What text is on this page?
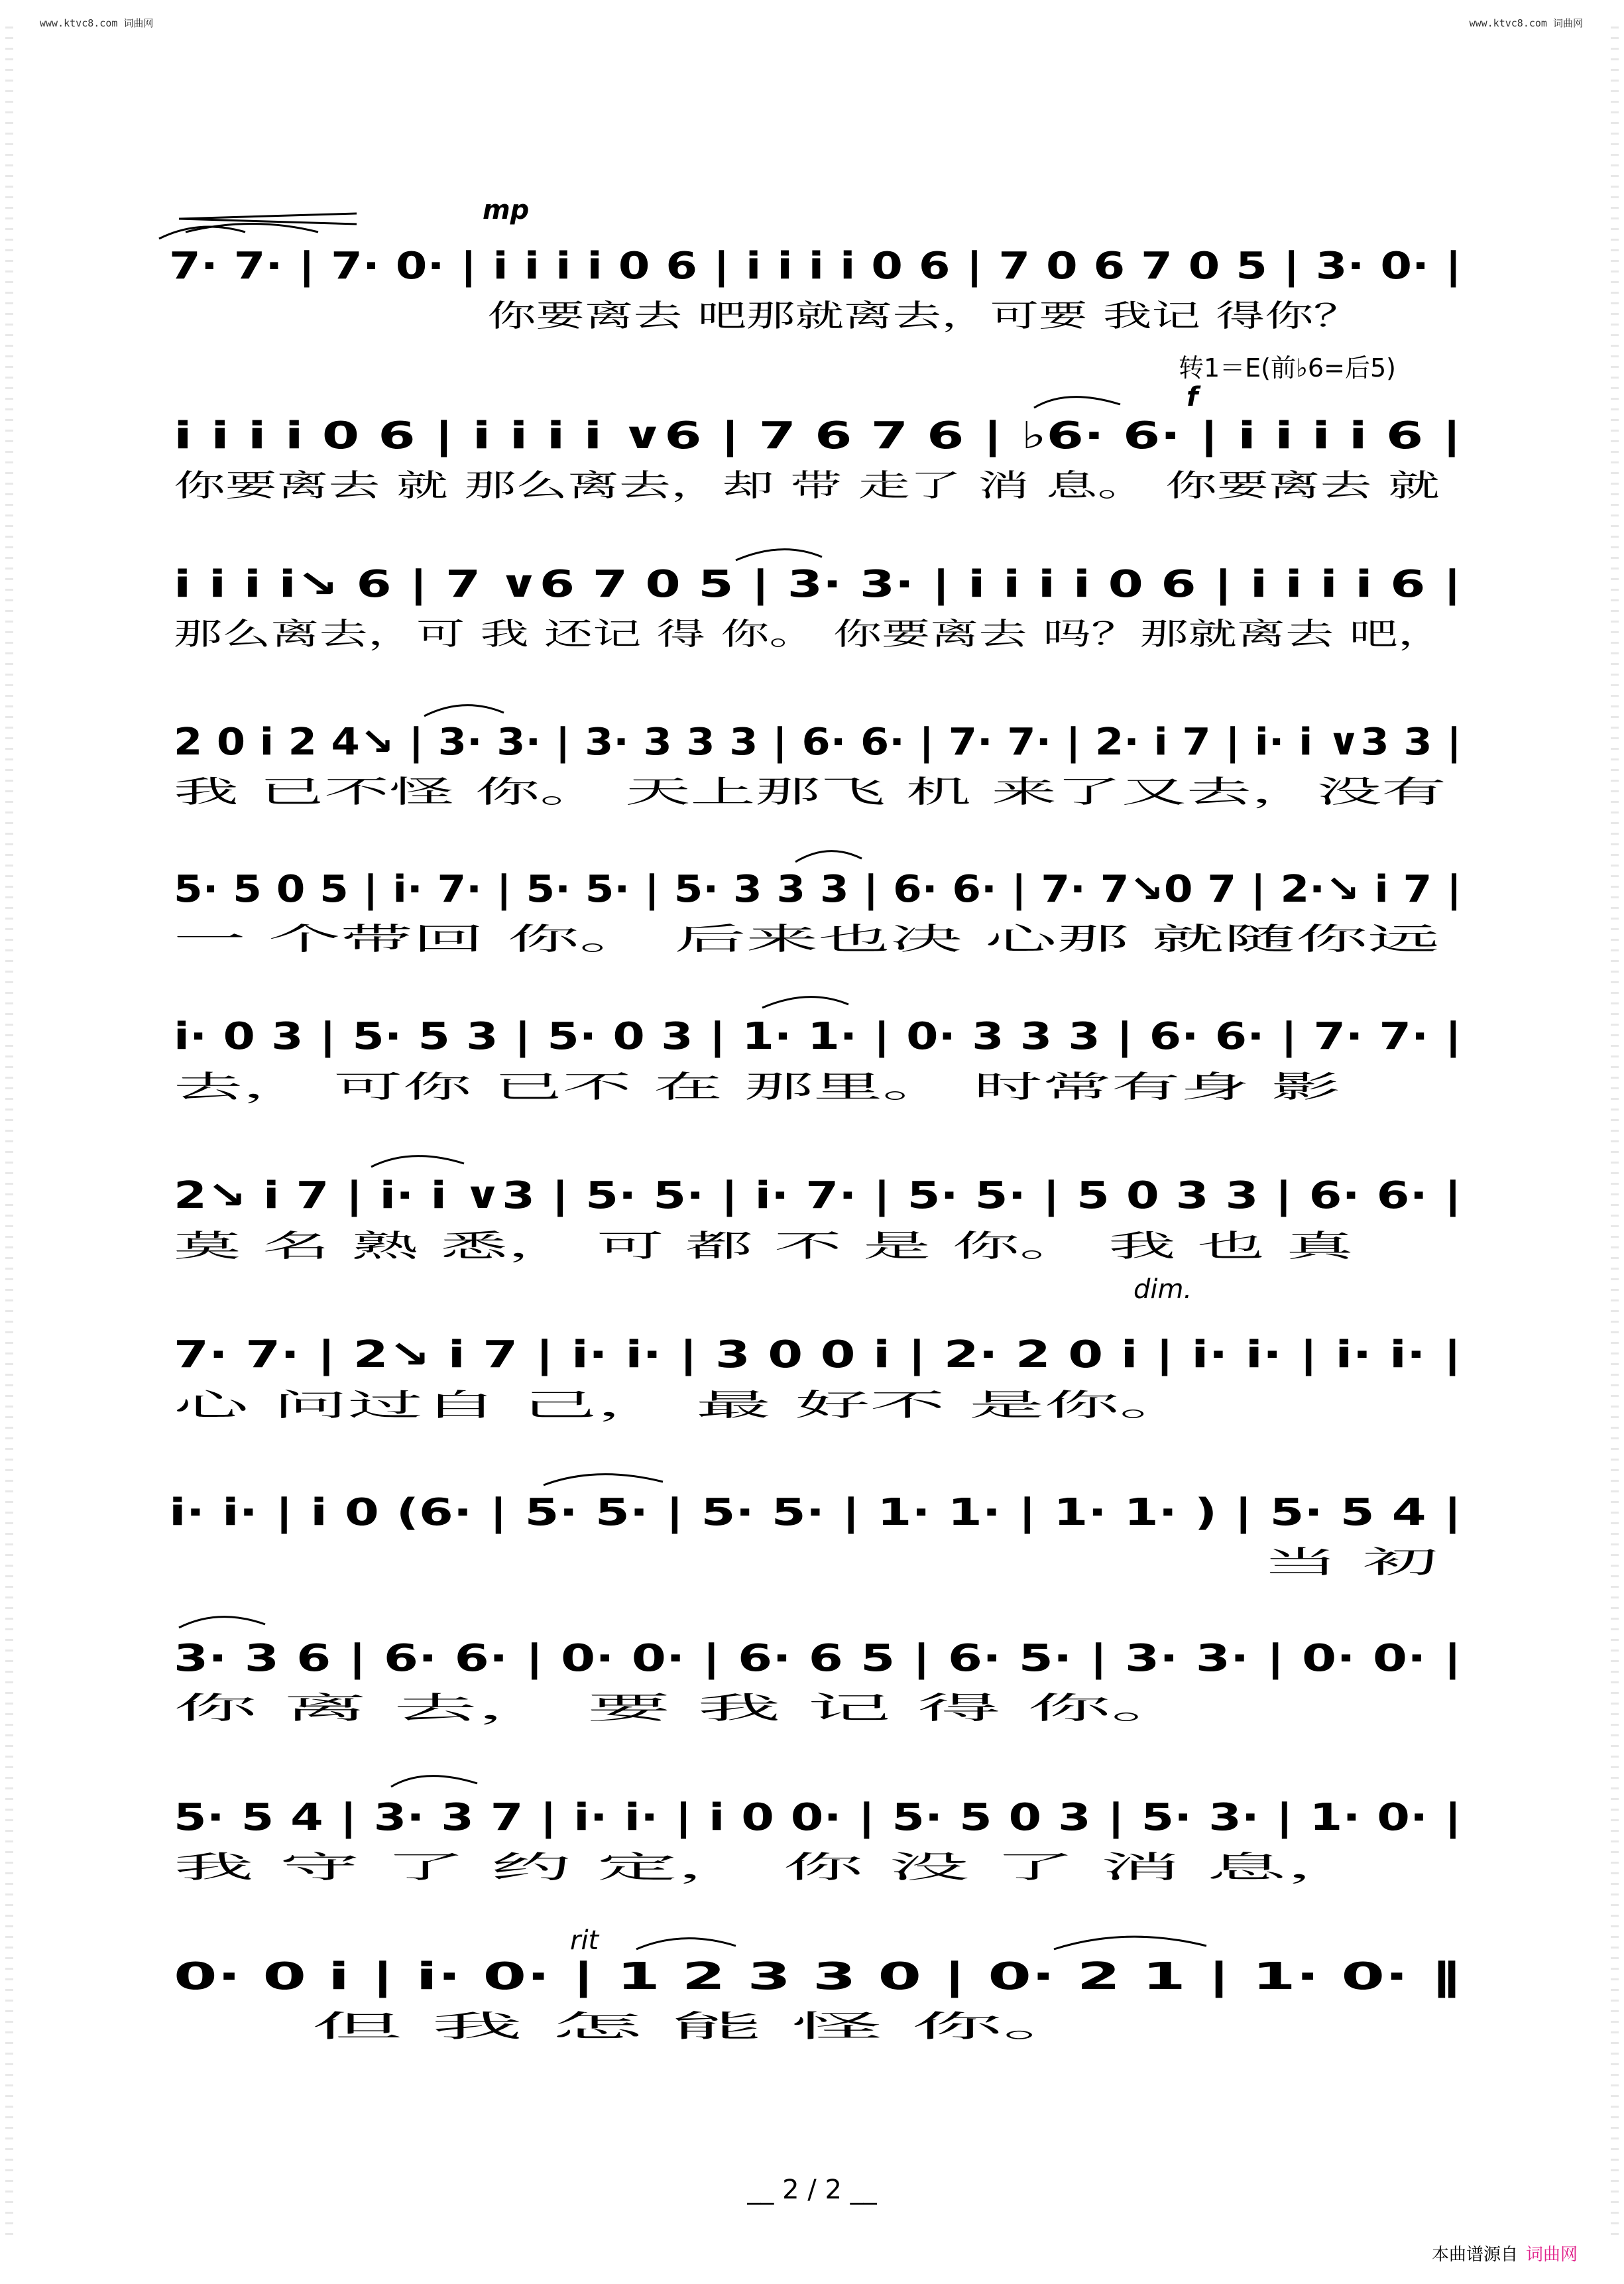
www.ktvc8.com 词曲网	www.ktvc8.com 词曲网
mp
f
dim.
rit
转1＝E(前♭6=后5)
7· 7· | 7· 0· | i i i i 0 6 | i i i i 0 6 | 7 0 6 7 0 5 | 3· 0· |
你要离去 吧那就离去，可要 我记 得你？
i i i i 0 6 | i i i i ∨6 | 7 6 7 6 | ♭6· 6· | i i i i 6 |
你要离去 就 那么离去，却 带 走了 消 息。 你要离去 就
i i i i↘ 6 | 7 ∨6 7 0 5 | 3· 3· | i i i i 0 6 | i i i i 6 |
那么离去，可 我 还记 得 你。 你要离去 吗？那就离去 吧，
2 0 i 2 4↘ | 3· 3· | 3· 3 3 3 | 6· 6· | 7· 7· | 2· i 7 | i· i ∨3 3 |
我 已不怪 你。 天上那飞 机 来了又去，没有
5· 5 0 5 | i· 7· | 5· 5· | 5· 3 3 3 | 6· 6· | 7· 7↘0 7 | 2·↘ i 7 |
一 个带回 你。 后来也决 心那 就随你远
i· 0 3 | 5· 5 3 | 5· 0 3 | 1· 1· | 0· 3 3 3 | 6· 6· | 7· 7· |
去， 可你 已不 在 那里。 时常有身 影
2↘ i 7 | i· i ∨3 | 5· 5· | i· 7· | 5· 5· | 5 0 3 3 | 6· 6· |
莫 名 熟 悉， 可 都 不 是 你。 我 也 真
7· 7· | 2↘ i 7 | i· i· | 3 0 0 i | 2· 2 0 i | i· i· | i· i· |
心 问过自 己， 最 好不 是你。
i· i· | i 0 (6· | 5· 5· | 5· 5· | 1· 1· | 1· 1· ) | 5· 5 4 |
当 初
3· 3 6 | 6· 6· | 0· 0· | 6· 6 5 | 6· 5· | 3· 3· | 0· 0· |
你 离 去， 要 我 记 得 你。
5· 5 4 | 3· 3 7 | i· i· | i 0 0· | 5· 5 0 3 | 5· 3· | 1· 0· |
我 守 了 约 定， 你 没 了 消 息，
0· 0 i | i· 0· | 1 2 3 3 0 | 0· 2 1 | 1· 0· ‖
但 我 怎 能 怪 你。
__ 2 / 2 __
本曲谱源自 词曲网
